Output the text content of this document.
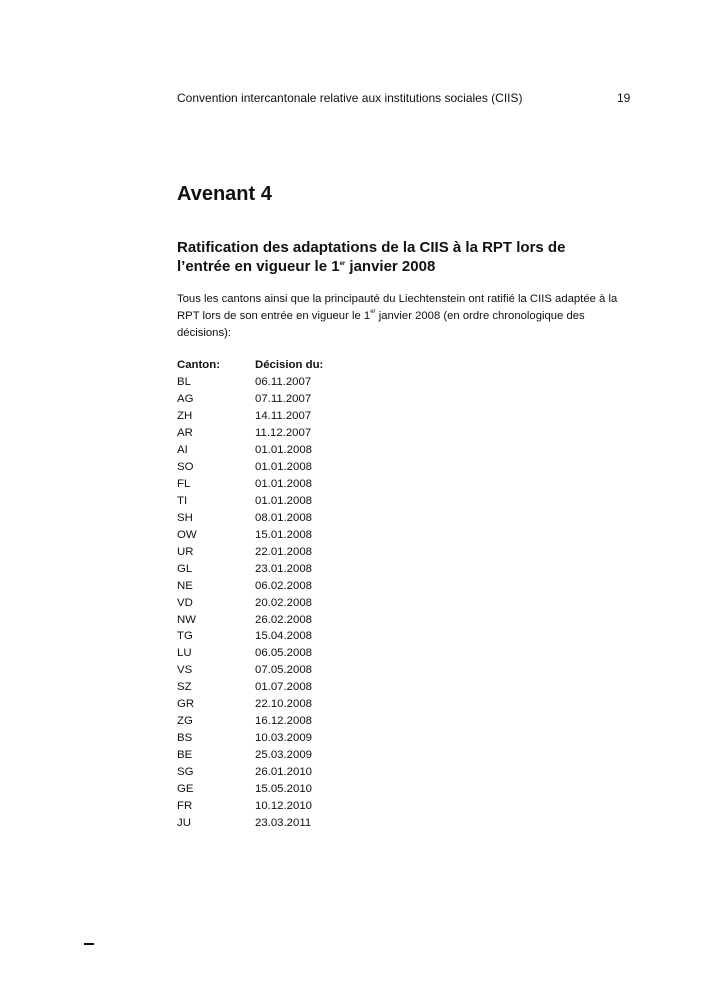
Convention intercantonale relative aux institutions sociales (CIIS)	19
Avenant 4
Ratification des adaptations de la CIIS à la RPT lors de
l’entrée en vigueur le 1er janvier 2008

Tous les cantons ainsi que la principauté du Liechtenstein ont ratifié la CIIS adaptée à la RPT lors de son entrée en vigueur le 1er janvier 2008 (en ordre chronologique des décisions):

Canton:	Décision du:
BL	06.11.2007
AG	07.11.2007
ZH	14.11.2007
AR	11.12.2007
AI	01.01.2008
SO	01.01.2008
FL	01.01.2008
TI	01.01.2008
SH	08.01.2008
OW	15.01.2008
UR	22.01.2008
GL	23.01.2008
NE	06.02.2008
VD	20.02.2008
NW	26.02.2008
TG	15.04.2008
LU	06.05.2008
VS	07.05.2008
SZ	01.07.2008
GR	22.10.2008
ZG	16.12.2008
BS	10.03.2009
BE	25.03.2009
SG	26.01.2010
GE	15.05.2010
FR	10.12.2010
JU	23.03.2011
